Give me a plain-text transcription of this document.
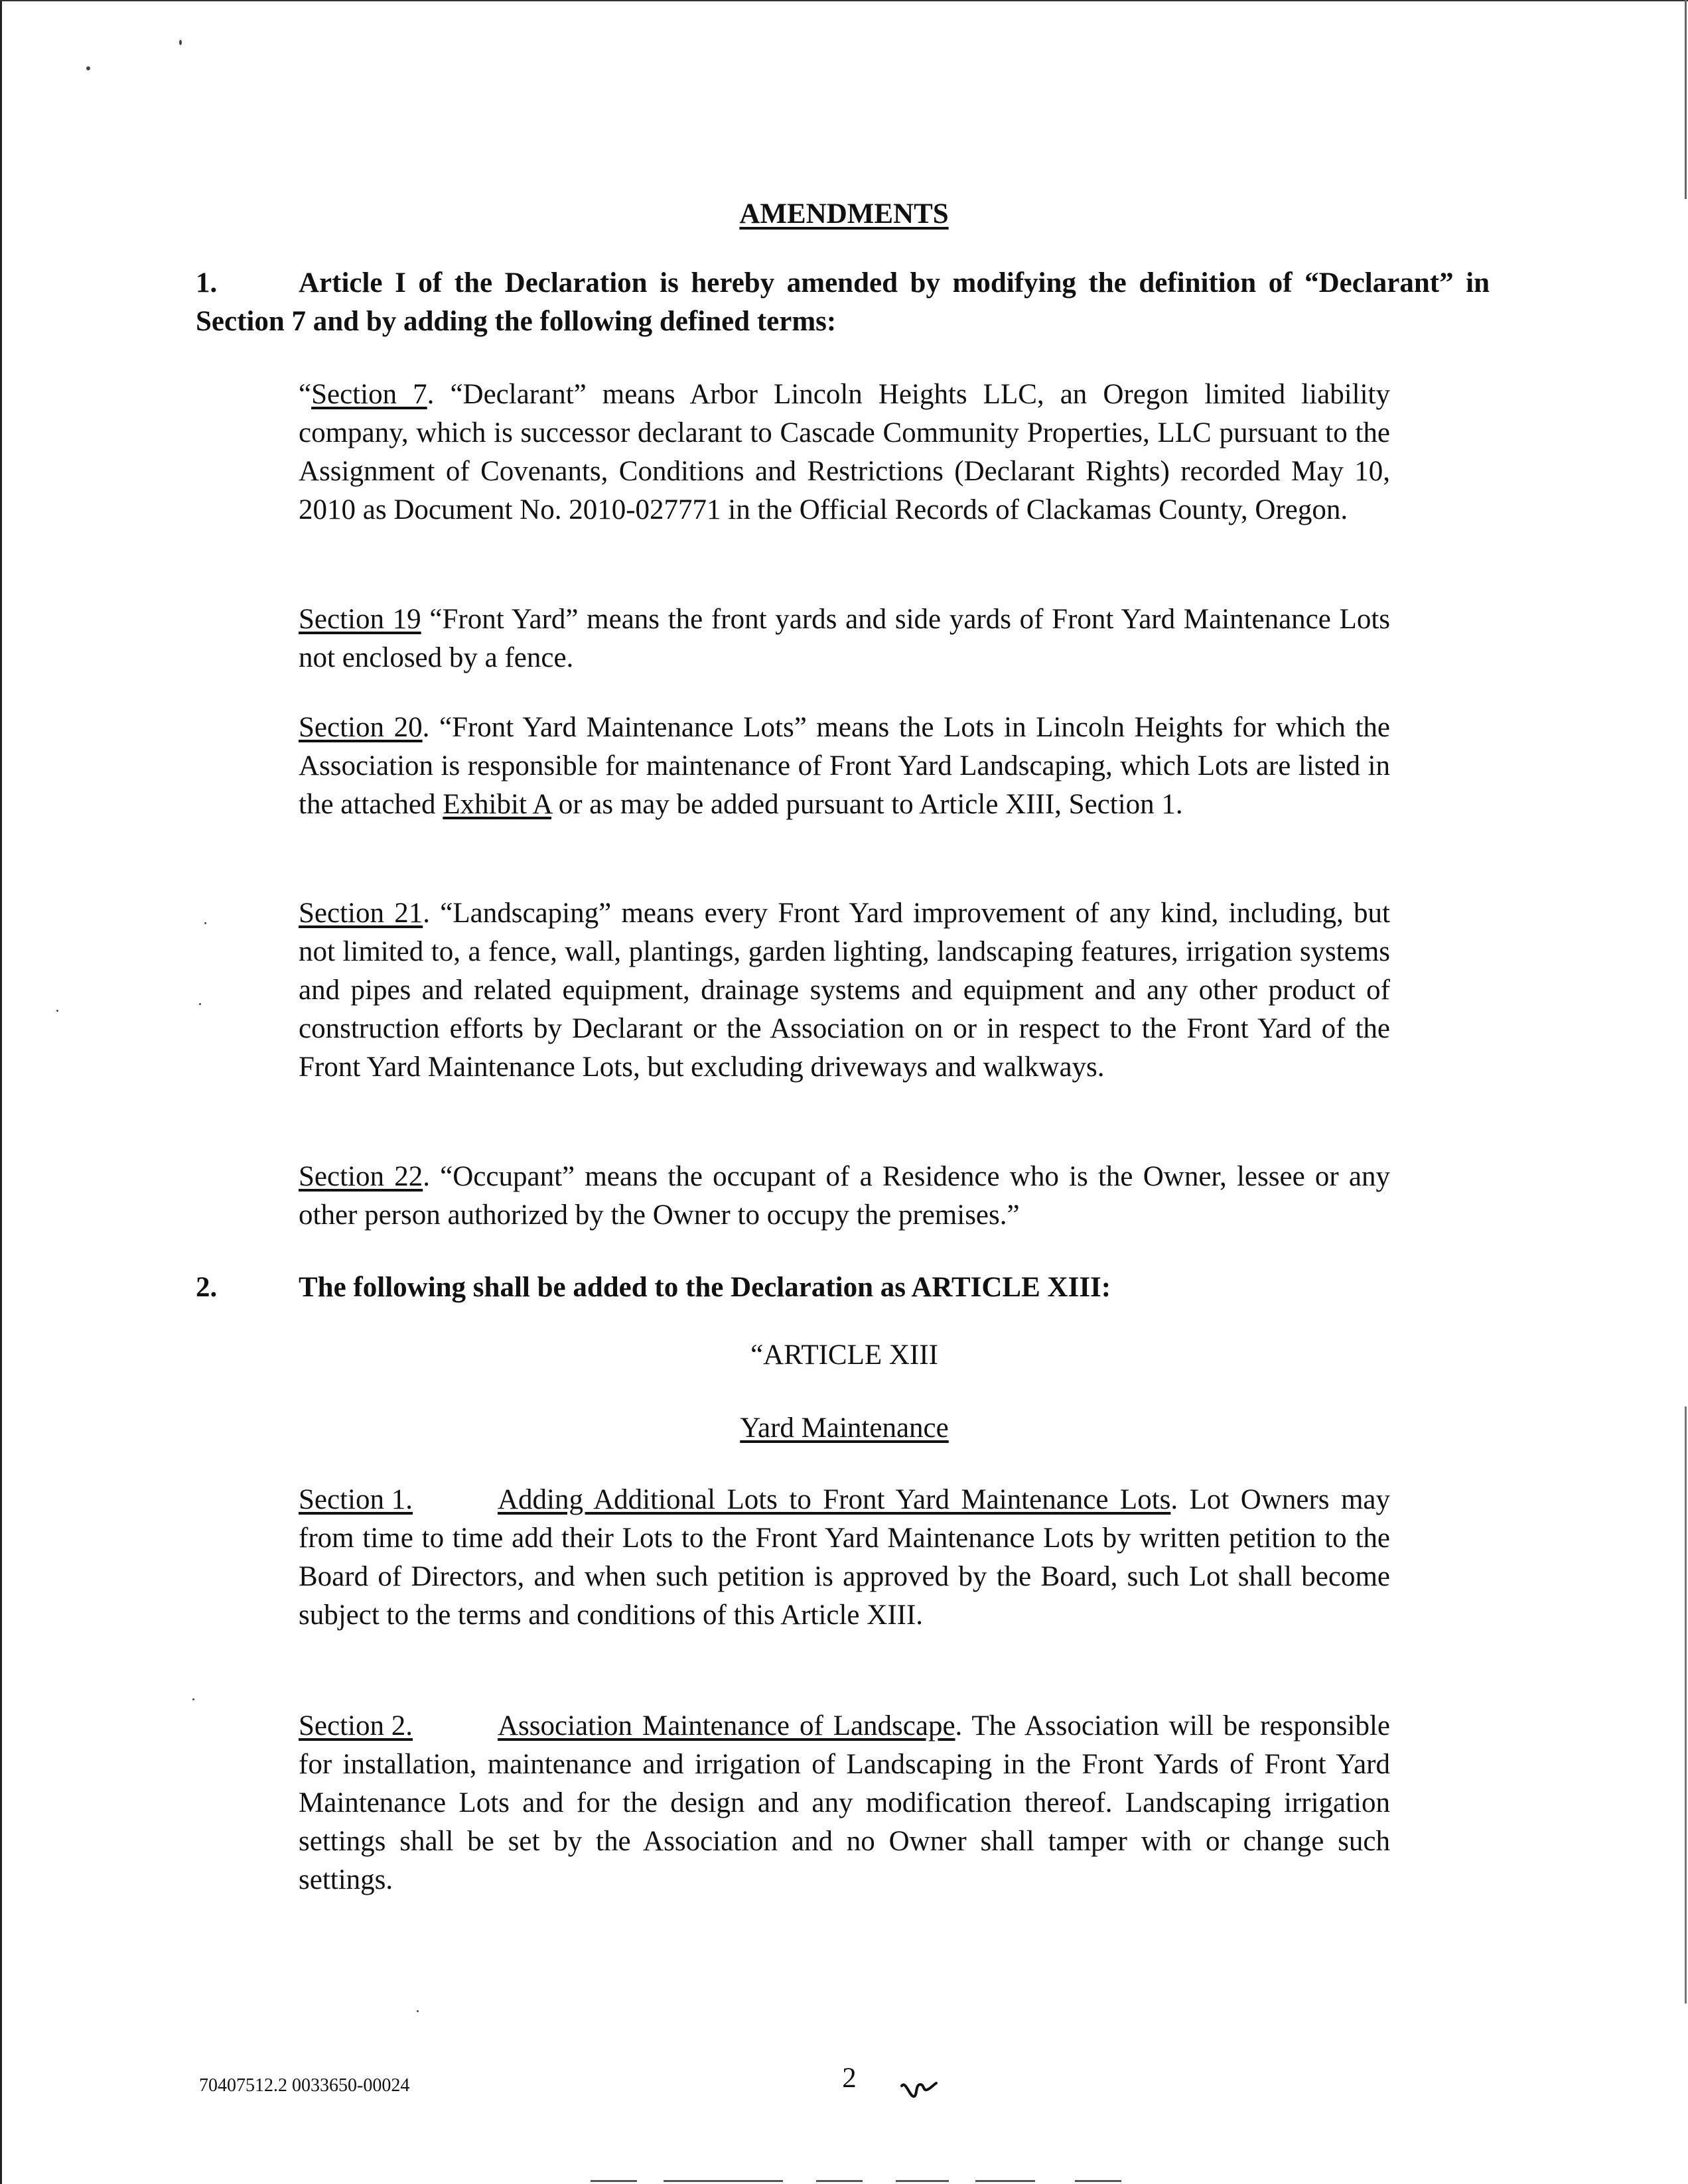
AMENDMENTS
1.	Article I of the Declaration is hereby amended by modifying the definition of “Declarant” in Section 7 and by adding the following defined terms:
“Section 7. “Declarant” means Arbor Lincoln Heights LLC, an Oregon limited liability company, which is successor declarant to Cascade Community Properties, LLC pursuant to the Assignment of Covenants, Conditions and Restrictions (Declarant Rights) recorded May 10, 2010 as Document No. 2010-027771 in the Official Records of Clackamas County, Oregon.
Section 19 “Front Yard” means the front yards and side yards of Front Yard Maintenance Lots not enclosed by a fence.
Section 20. “Front Yard Maintenance Lots” means the Lots in Lincoln Heights for which the Association is responsible for maintenance of Front Yard Landscaping, which Lots are listed in the attached Exhibit A or as may be added pursuant to Article XIII, Section 1.
Section 21. “Landscaping” means every Front Yard improvement of any kind, including, but not limited to, a fence, wall, plantings, garden lighting, landscaping features, irrigation systems and pipes and related equipment, drainage systems and equipment and any other product of construction efforts by Declarant or the Association on or in respect to the Front Yard of the Front Yard Maintenance Lots, but excluding driveways and walkways.
Section 22. “Occupant” means the occupant of a Residence who is the Owner, lessee or any other person authorized by the Owner to occupy the premises.”
2.	The following shall be added to the Declaration as ARTICLE XIII:
“ARTICLE XIII
Yard Maintenance
Section 1.	Adding Additional Lots to Front Yard Maintenance Lots. Lot Owners may from time to time add their Lots to the Front Yard Maintenance Lots by written petition to the Board of Directors, and when such petition is approved by the Board, such Lot shall become subject to the terms and conditions of this Article XIII.
Section 2.	Association Maintenance of Landscape. The Association will be responsible for installation, maintenance and irrigation of Landscaping in the Front Yards of Front Yard Maintenance Lots and for the design and any modification thereof. Landscaping irrigation settings shall be set by the Association and no Owner shall tamper with or change such settings.
70407512.2 0033650-00024	2
